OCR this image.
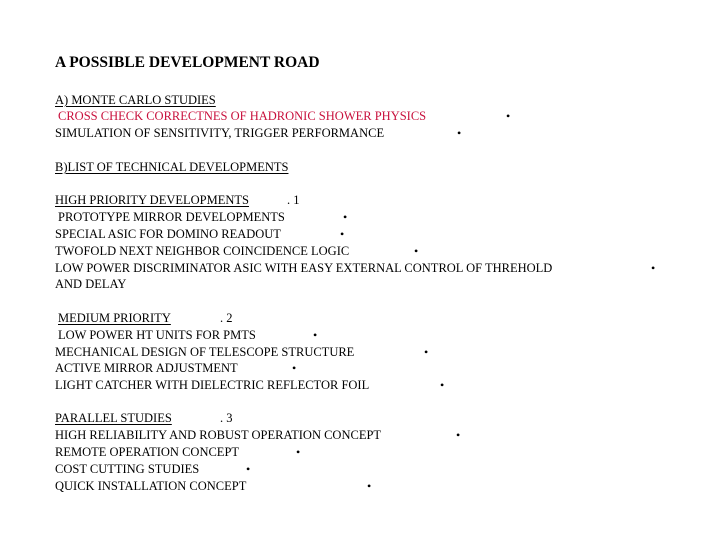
A POSSIBLE DEVELOPMENT ROAD
A) MONTE CARLO STUDIES
CROSS CHECK CORRECTNES OF HADRONIC SHOWER PHYSICS	•
SIMULATION OF SENSITIVITY, TRIGGER PERFORMANCE	•
B)LIST OF TECHNICAL DEVELOPMENTS
HIGH PRIORITY DEVELOPMENTS	. 1
PROTOTYPE MIRROR DEVELOPMENTS	•
SPECIAL ASIC FOR DOMINO READOUT	•
TWOFOLD NEXT NEIGHBOR COINCIDENCE LOGIC	•
LOW POWER DISCRIMINATOR ASIC WITH EASY EXTERNAL CONTROL OF THREHOLD	•
AND DELAY
MEDIUM PRIORITY	. 2
LOW POWER HT UNITS FOR PMTS	•
MECHANICAL DESIGN OF TELESCOPE STRUCTURE	•
ACTIVE MIRROR ADJUSTMENT	•
LIGHT CATCHER WITH DIELECTRIC REFLECTOR FOIL	•
PARALLEL STUDIES	. 3
HIGH RELIABILITY AND ROBUST OPERATION CONCEPT	•
REMOTE OPERATION CONCEPT	•
COST CUTTING STUDIES	•
QUICK INSTALLATION CONCEPT	•
